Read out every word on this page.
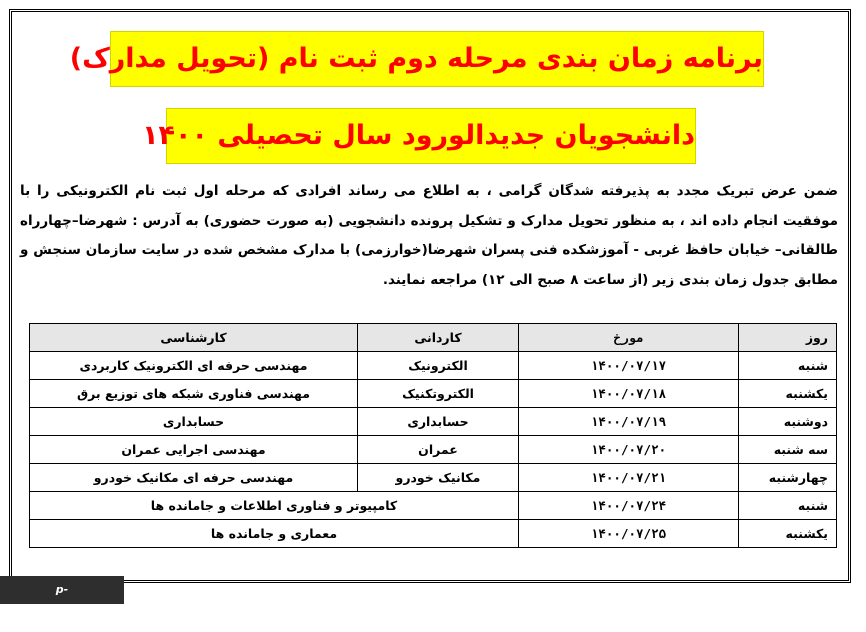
برنامه زمان بندی مرحله دوم ثبت نام (تحویل مدارک)
دانشجویان جدیدالورود سال تحصیلی ۱۴۰۰
ضمن عرض تبریک مجدد به پذیرفته شدگان گرامی ، به اطلاع می رساند افرادی که مرحله اول ثبت نام الکترونیکی را با موفقیت انجام داده اند ، به منظور تحویل مدارک و تشکیل پرونده دانشجویی (به صورت حضوری) به آدرس : شهرضا–چهارراه طالقانی– خیابان حافظ غربی - آموزشکده فنی پسران شهرضا(خوارزمی) با مدارک مشخص شده در سایت سازمان سنجش و مطابق جدول زمان بندی زیر (از ساعت ۸ صبح الی ۱۲) مراجعه نمایند.
روز	مورخ	کاردانی	کارشناسی
شنبه	۱۴۰۰/۰۷/۱۷	الکترونیک	مهندسی حرفه ای الکترونیک کاربردی
یکشنبه	۱۴۰۰/۰۷/۱۸	الکتروتکنیک	مهندسی فناوری شبکه های توزیع برق
دوشنبه	۱۴۰۰/۰۷/۱۹	حسابداری	حسابداری
سه شنبه	۱۴۰۰/۰۷/۲۰	عمران	مهندسی اجرایی عمران
چهارشنبه	۱۴۰۰/۰۷/۲۱	مکانیک خودرو	مهندسی حرفه ای مکانیک خودرو
شنبه	۱۴۰۰/۰۷/۲۴	کامپیوتر و فناوری اطلاعات و جامانده ها	
یکشنبه	۱۴۰۰/۰۷/۲۵	معماری و جامانده ها	
p-shahreza.tvu.ac.ir
